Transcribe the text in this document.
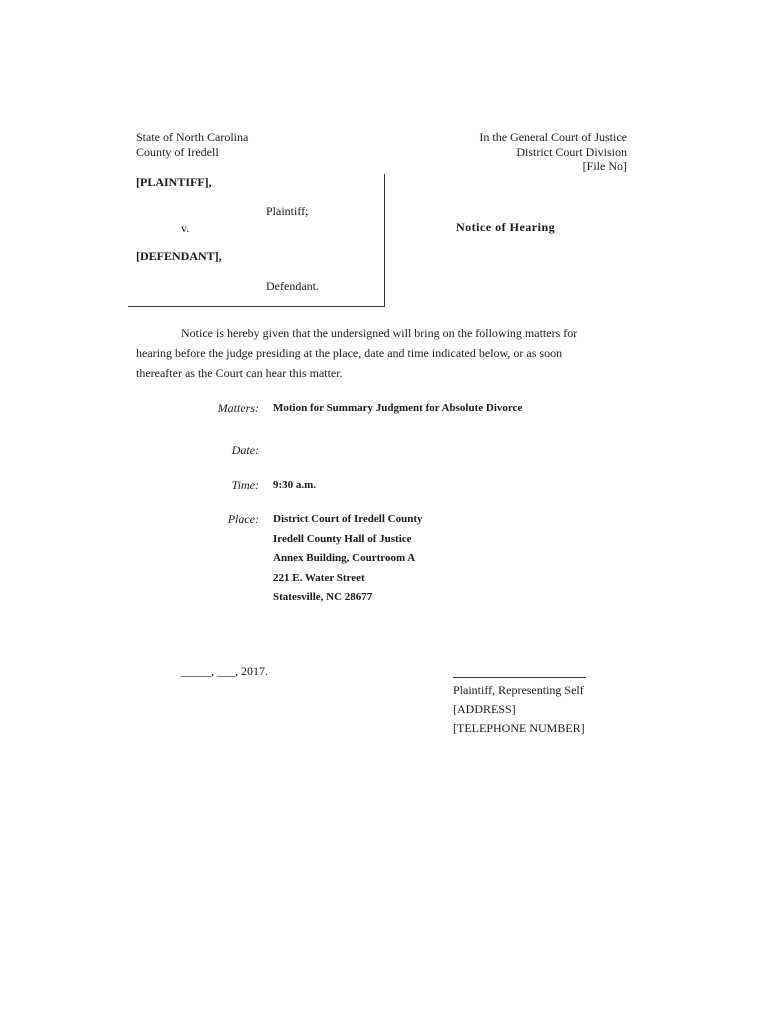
State of North Carolina
County of Iredell
In the General Court of Justice
District Court Division
[File No]
[PLAINTIFF],
Plaintiff;
v.
[DEFENDANT],
Defendant.
Notice of Hearing

Notice is hereby given that the undersigned will bring on the following matters for

hearing before the judge presiding at the place, date and time indicated below, or as soon

thereafter as the Court can hear this matter.

Matters: Motion for Summary Judgment for Absolute Divorce
Date:
Time: 9:30 a.m.
Place: District Court of Iredell County
Iredell County Hall of Justice
Annex Building, Courtroom A
221 E. Water Street
Statesville, NC 28677
_____, ___, 2017.
Plaintiff, Representing Self
[ADDRESS]
[TELEPHONE NUMBER]
